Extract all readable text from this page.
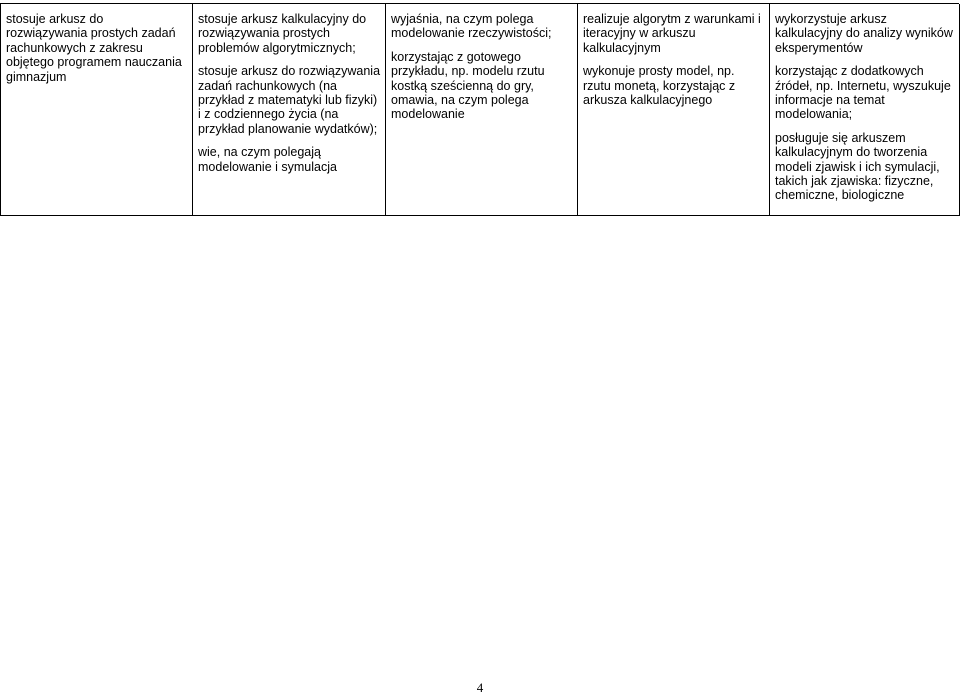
stosuje arkusz do rozwiązywania prostych zadań rachunkowych z zakresu objętego programem nauczania gimnazjum

stosuje arkusz kalkulacyjny do rozwiązywania prostych problemów algorytmicznych;

stosuje arkusz do rozwiązywania zadań rachunkowych (na przykład z matematyki lub fizyki) i z codziennego życia (na przykład planowanie wydatków);

wie, na czym polegają modelowanie i symulacja

wyjaśnia, na czym polega modelowanie rzeczywistości;

korzystając z gotowego przykładu, np. modelu rzutu kostką sześcienną do gry, omawia, na czym polega modelowanie

realizuje algorytm z warunkami i iteracyjny w arkuszu kalkulacyjnym

wykonuje prosty model, np. rzutu monetą, korzystając z arkusza kalkulacyjnego

wykorzystuje arkusz kalkulacyjny do analizy wyników eksperymentów

korzystając z dodatkowych źródeł, np. Internetu, wyszukuje informacje na temat modelowania;

posługuje się arkuszem kalkulacyjnym do tworzenia modeli zjawisk i ich symulacji, takich jak zjawiska: fizyczne, chemiczne, biologiczne

4
